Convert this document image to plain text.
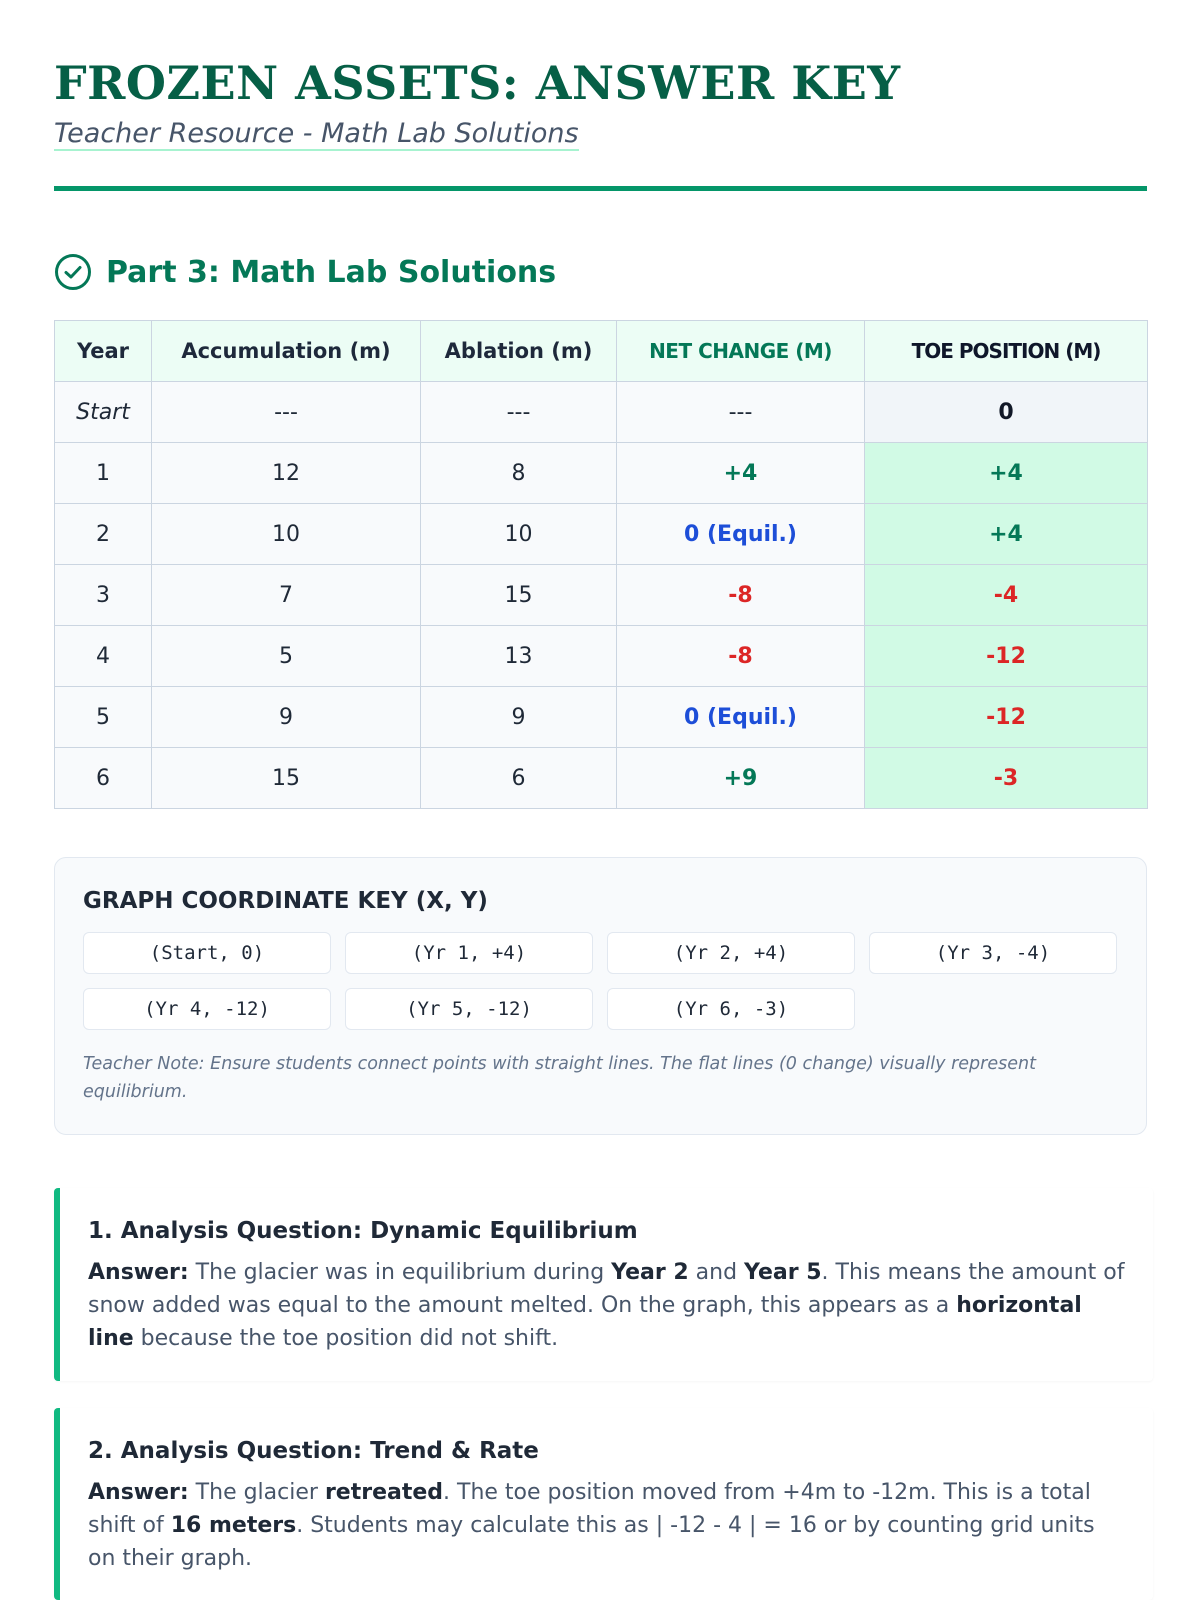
FROZEN ASSETS: ANSWER KEY

Teacher Resource - Math Lab Solutions

Part 3: Math Lab Solutions
Year	Accumulation (m)	Ablation (m)	NET CHANGE (M)	TOE POSITION (M)
Start	---	---	---	0
1	12	8	+4	+4
2	10	10	0 (Equil.)	+4
3	7	15	-8	-4
4	5	13	-8	-12
5	9	9	0 (Equil.)	-12
6	15	6	+9	-3
GRAPH COORDINATE KEY (X, Y)
(Start, 0)	(Yr 1, +4)	(Yr 2, +4)	(Yr 3, -4)
(Yr 4, -12)	(Yr 5, -12)	(Yr 6, -3)

Teacher Note: Ensure students connect points with straight lines. The flat lines (0 change) visually represent equilibrium.

1. Analysis Question: Dynamic Equilibrium

Answer: The glacier was in equilibrium during Year 2 and Year 5. This means the amount of snow added was equal to the amount melted. On the graph, this appears as a horizontal line because the toe position did not shift.

2. Analysis Question: Trend & Rate

Answer: The glacier retreated. The toe position moved from +4m to -12m. This is a total shift of 16 meters. Students may calculate this as | -12 - 4 | = 16 or by counting grid units on their graph.
